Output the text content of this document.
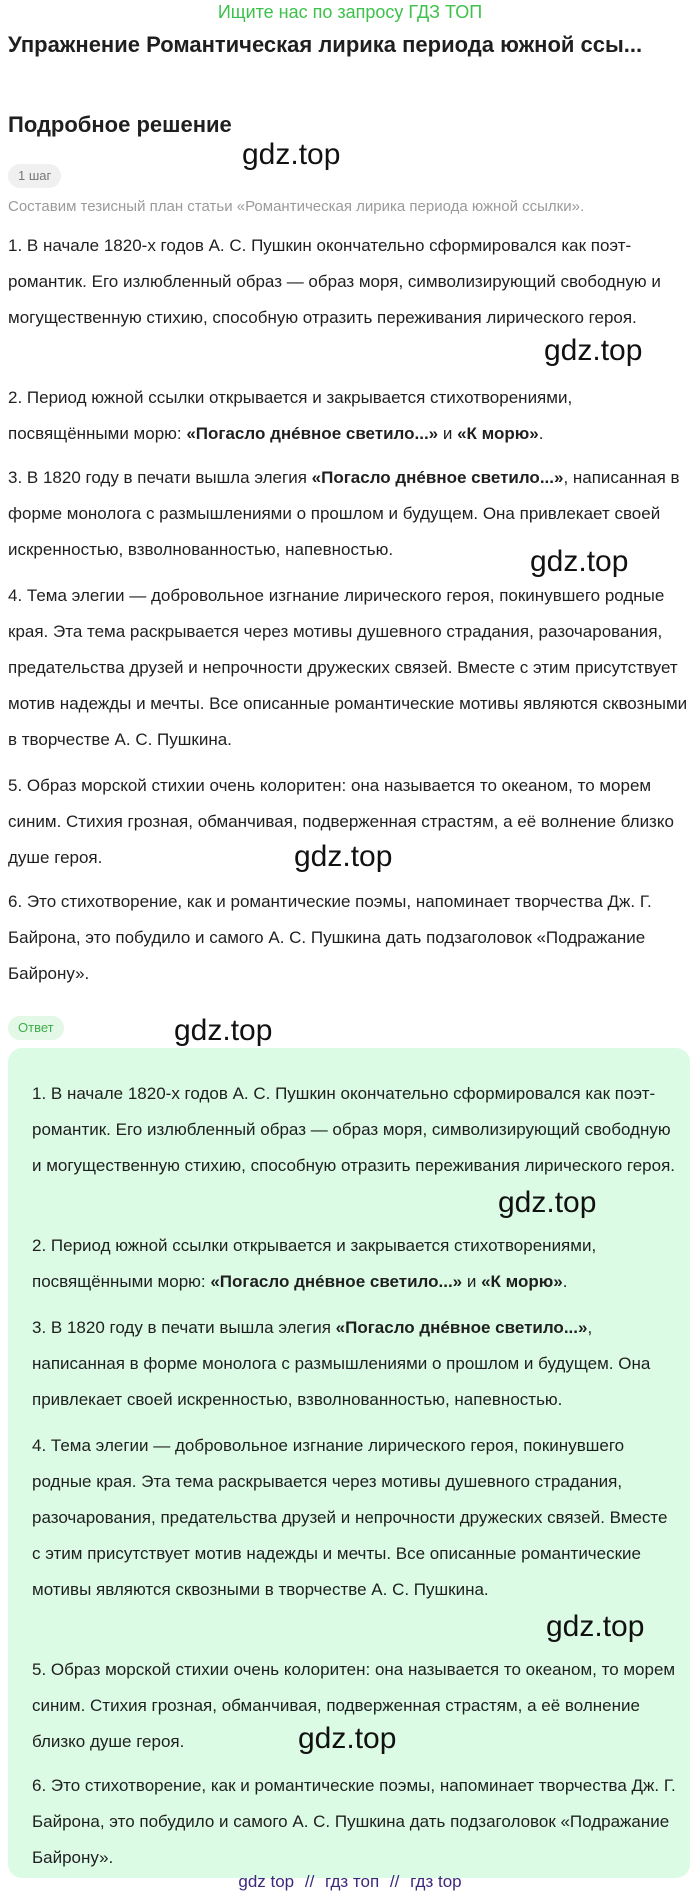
Ищите нас по запросу ГДЗ ТОП
Упражнение Романтическая лирика периода южной ссы...
Подробное решение
1 шаг
gdz.top
Составим тезисный план статьи «Романтическая лирика периода южной ссылки».

1. В начале 1820-х годов А. С. Пушкин окончательно сформировался как поэт-романтик. Его излюбленный образ — образ моря, символизирующий свободную и могущественную стихию, способную отразить переживания лирического героя.

gdz.top

2. Период южной ссылки открывается и закрывается стихотворениями, посвящёнными морю: «Погасло днéвное светило...» и «К морю».

3. В 1820 году в печати вышла элегия «Погасло днéвное светило...», написанная в форме монолога с размышлениями о прошлом и будущем. Она привлекает своей искренностью, взволнованностью, напевностью.	gdz.top

4. Тема элегии — добровольное изгнание лирического героя, покинувшего родные края. Эта тема раскрывается через мотивы душевного страдания, разочарования, предательства друзей и непрочности дружеских связей. Вместе с этим присутствует мотив надежды и мечты. Все описанные романтические мотивы являются сквозными в творчестве А. С. Пушкина.

5. Образ морской стихии очень колоритен: она называется то океаном, то морем синим. Стихия грозная, обманчивая, подверженная страстям, а её волнение близко душе героя.	gdz.top

6. Это стихотворение, как и романтические поэмы, напоминает творчества Дж. Г. Байрона, это побудило и самого А. С. Пушкина дать подзаголовок «Подражание Байрону».

Ответ	gdz.top

1. В начале 1820-х годов А. С. Пушкин окончательно сформировался как поэт-романтик. Его излюбленный образ — образ моря, символизирующий свободную и могущественную стихию, способную отразить переживания лирического героя.

gdz.top

2. Период южной ссылки открывается и закрывается стихотворениями, посвящёнными морю: «Погасло днéвное светило...» и «К морю».

3. В 1820 году в печати вышла элегия «Погасло днéвное светило...», написанная в форме монолога с размышлениями о прошлом и будущем. Она привлекает своей искренностью, взволнованностью, напевностью.

4. Тема элегии — добровольное изгнание лирического героя, покинувшего родные края. Эта тема раскрывается через мотивы душевного страдания, разочарования, предательства друзей и непрочности дружеских связей. Вместе с этим присутствует мотив надежды и мечты. Все описанные романтические мотивы являются сквозными в творчестве А. С. Пушкина.

gdz.top

5. Образ морской стихии очень колоритен: она называется то океаном, то морем синим. Стихия грозная, обманчивая, подверженная страстям, а её волнение близко душе героя.	gdz.top

6. Это стихотворение, как и романтические поэмы, напоминает творчества Дж. Г. Байрона, это побудило и самого А. С. Пушкина дать подзаголовок «Подражание Байрону».

gdz top // гдз топ // гдз top
